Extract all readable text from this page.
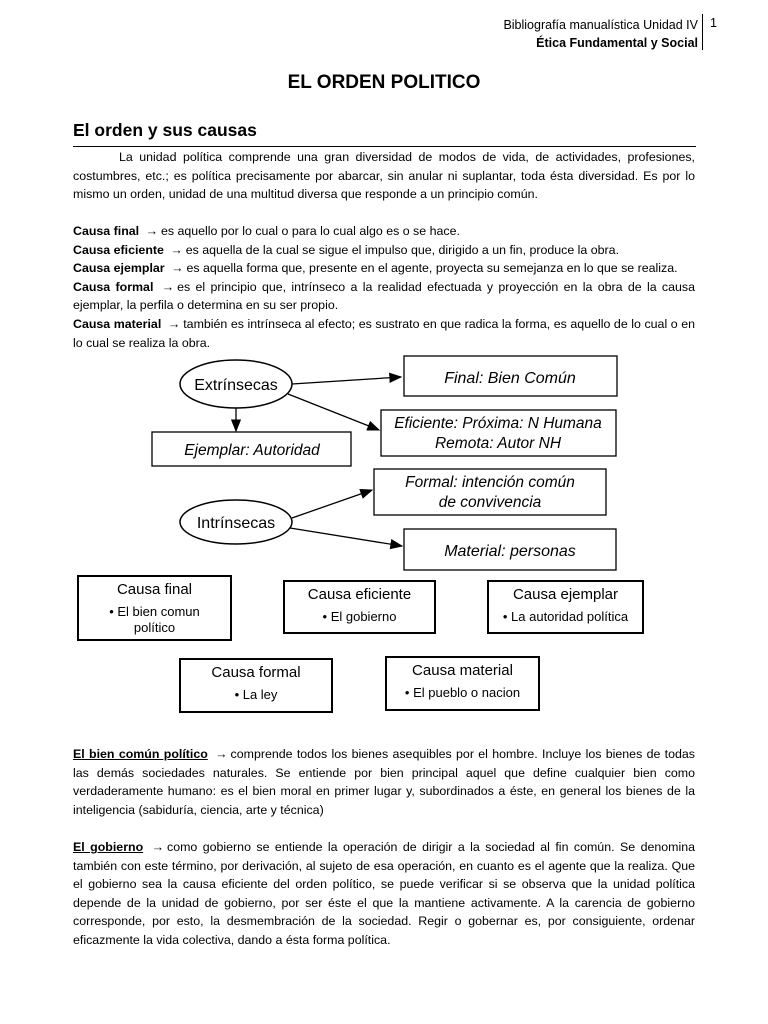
Bibliografía manualística Unidad IV
Ética Fundamental y Social
1
EL ORDEN POLITICO
El orden y sus causas
La unidad política comprende una gran diversidad de modos de vida, de actividades, profesiones, costumbres, etc.; es política precisamente por abarcar, sin anular ni suplantar, toda ésta diversidad. Es por lo mismo un orden, unidad de una multitud diversa que responde a un principio común.
Causa final → es aquello por lo cual o para lo cual algo es o se hace.
Causa eficiente → es aquella de la cual se sigue el impulso que, dirigido a un fin, produce la obra.
Causa ejemplar → es aquella forma que, presente en el agente, proyecta su semejanza en lo que se realiza.
Causa formal → es el principio que, intrínseco a la realidad efectuada y proyección en la obra de la causa ejemplar, la perfila o determina en su ser propio.
Causa material → también es intrínseca al efecto; es sustrato en que radica la forma, es aquello de lo cual o en lo cual se realiza la obra.
Extrínsecas	Final: Bien Común
Eficiente: Próxima: N Humana
Remota: Autor NH
Ejemplar: Autoridad
Formal: intención común
de convivencia
Material: personas
Intrínsecas
Causa final
• El bien comun
político
Causa eficiente
• El gobierno
Causa ejemplar
• La autoridad política
Causa formal
• La ley
Causa material
• El pueblo o nacion
El bien común político → comprende todos los bienes asequibles por el hombre. Incluye los bienes de todas las demás sociedades naturales. Se entiende por bien principal aquel que define cualquier bien como verdaderamente humano: es el bien moral en primer lugar y, subordinados a éste, en general los bienes de la inteligencia (sabiduría, ciencia, arte y técnica)
El gobierno → como gobierno se entiende la operación de dirigir a la sociedad al fin común. Se denomina también con este término, por derivación, al sujeto de esa operación, en cuanto es el agente que la realiza. Que el gobierno sea la causa eficiente del orden político, se puede verificar si se observa que la unidad política depende de la unidad de gobierno, por ser éste el que la mantiene activamente. A la carencia de gobierno corresponde, por esto, la desmembración de la sociedad. Regir o gobernar es, por consiguiente, ordenar eficazmente la vida colectiva, dando a ésta forma política.
